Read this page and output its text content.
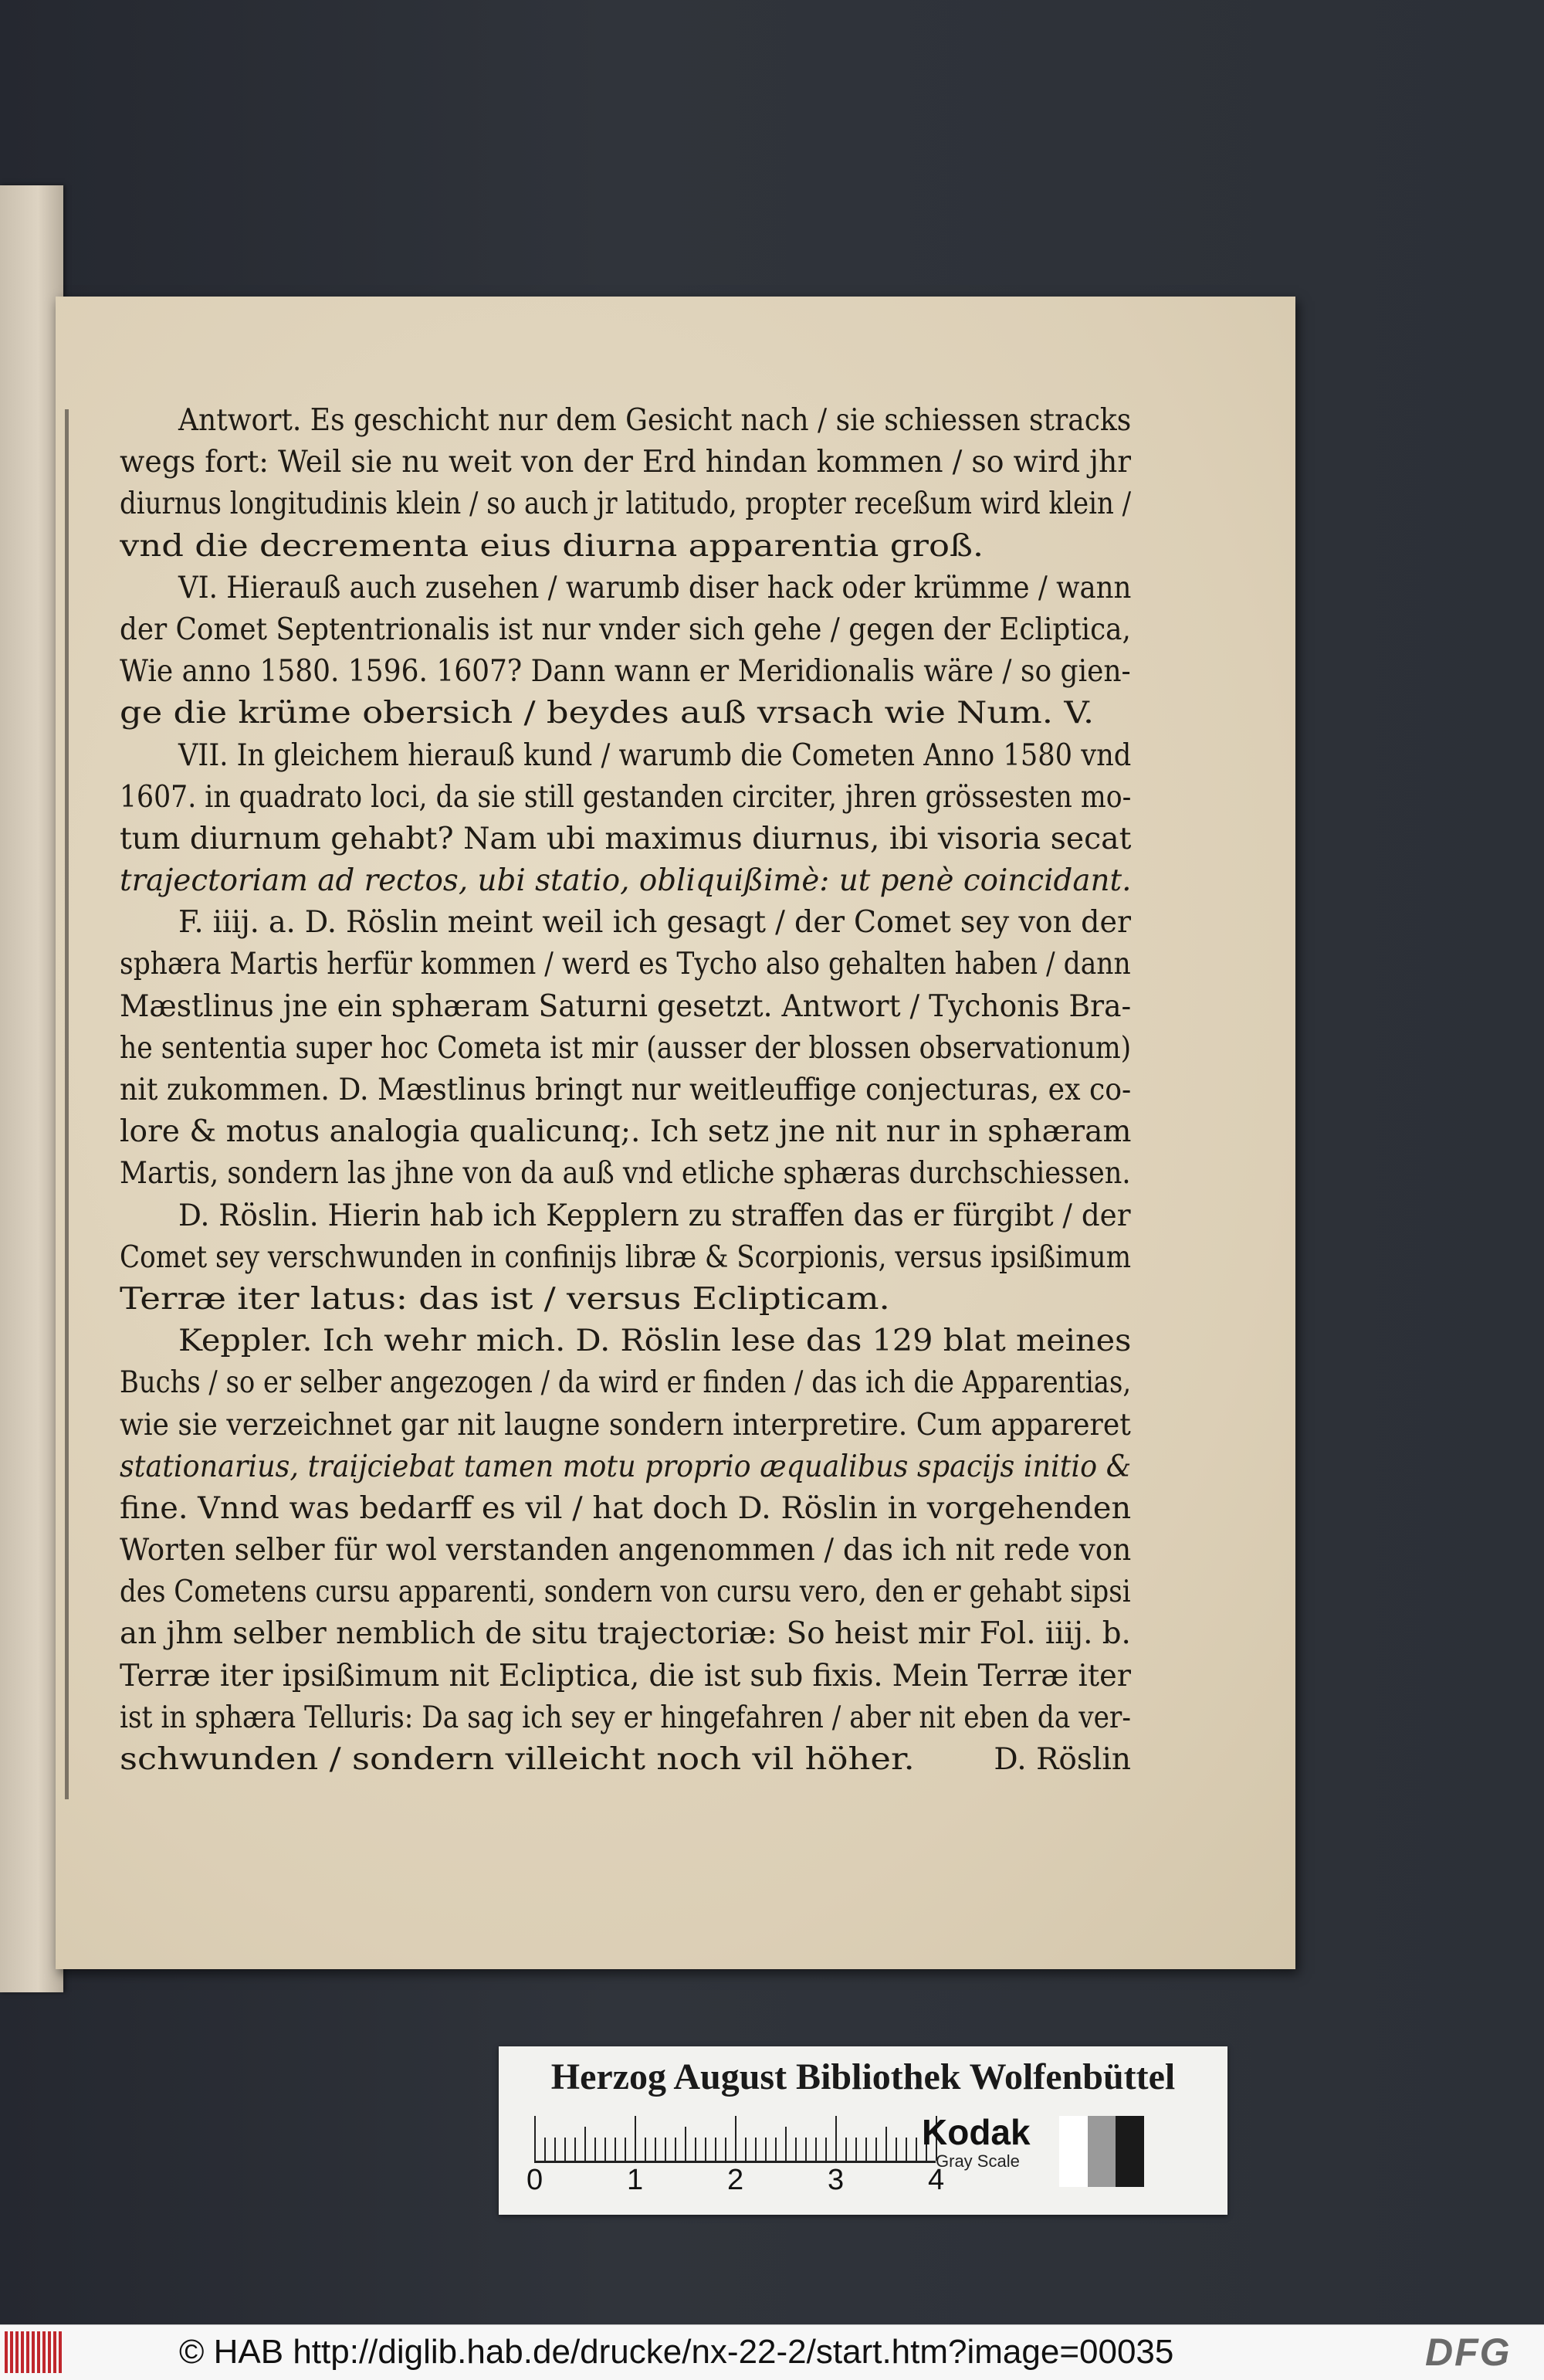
Antwort. Es geschicht nur dem Gesicht nach / sie schiessen stracks
wegs fort: Weil sie nu weit von der Erd hindan kommen / so wird jhr
diurnus longitudinis klein / so auch jr latitudo, propter receßum wird klein /
vnd die decrementa eius diurna apparentia groß.
VI. Hierauß auch zusehen / warumb diser hack oder krümme / wann
der Comet Septentrionalis ist nur vnder sich gehe / gegen der Ecliptica,
Wie anno 1580. 1596. 1607? Dann wann er Meridionalis wäre / so gien-
ge die krüme obersich / beydes auß vrsach wie Num. V.
VII. In gleichem hierauß kund / warumb die Cometen Anno 1580 vnd
1607. in quadrato loci, da sie still gestanden circiter, jhren grössesten mo-
tum diurnum gehabt? Nam ubi maximus diurnus, ibi visoria secat
trajectoriam ad rectos, ubi statio, obliquißimè: ut penè coincidant.
F. iiij. a. D. Röslin meint weil ich gesagt / der Comet sey von der
sphæra Martis herfür kommen / werd es Tycho also gehalten haben / dann
Mæstlinus jne ein sphæram Saturni gesetzt. Antwort / Tychonis Bra-
he sententia super hoc Cometa ist mir (ausser der blossen observationum)
nit zukommen. D. Mæstlinus bringt nur weitleuffige conjecturas, ex co-
lore & motus analogia qualicunq;. Ich setz jne nit nur in sphæram
Martis, sondern las jhne von da auß vnd etliche sphæras durchschiessen.
D. Röslin. Hierin hab ich Kepplern zu straffen das er fürgibt / der
Comet sey verschwunden in confinijs libræ & Scorpionis, versus ipsißimum
Terræ iter latus: das ist / versus Eclipticam.
Keppler. Ich wehr mich. D. Röslin lese das 129 blat meines
Buchs / so er selber angezogen / da wird er finden / das ich die Apparentias,
wie sie verzeichnet gar nit laugne sondern interpretire. Cum appareret
stationarius, traijciebat tamen motu proprio æqualibus spacijs initio &
fine. Vnnd was bedarff es vil / hat doch D. Röslin in vorgehenden
Worten selber für wol verstanden angenommen / das ich nit rede von
des Cometens cursu apparenti, sondern von cursu vero, den er gehabt sipsi
an jhm selber nemblich de situ trajectoriæ: So heist mir Fol. iiij. b.
Terræ iter ipsißimum nit Ecliptica, die ist sub fixis. Mein Terræ iter
ist in sphæra Telluris: Da sag ich sey er hingefahren / aber nit eben da ver-
schwunden / sondern villeicht noch vil höher.	D. Röslin
Herzog August Bibliothek Wolfenbüttel
0	1	2	3	4
Kodak
Gray Scale
© HAB http://diglib.hab.de/drucke/nx-22-2/start.htm?image=00035	DFG
